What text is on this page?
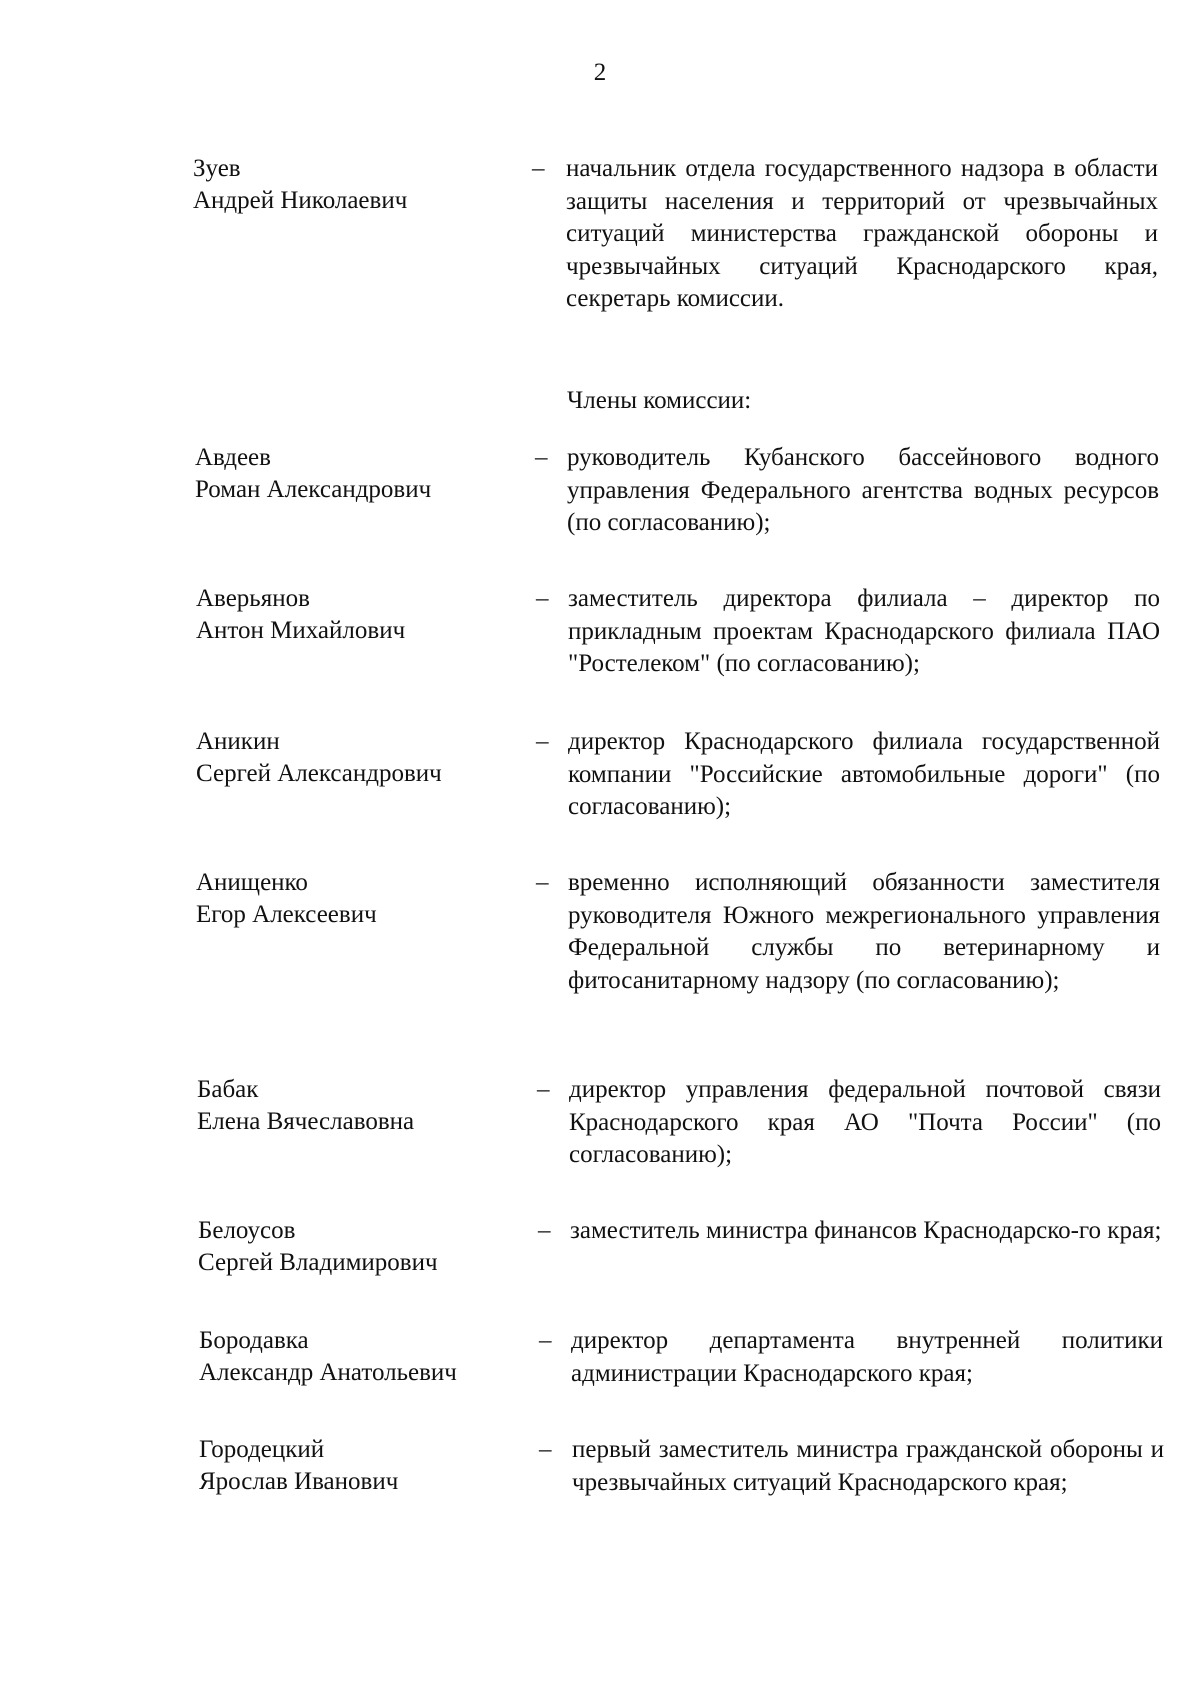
2
Зуев
Андрей Николаевич
– начальник отдела государственного надзора в области защиты населения и территорий от чрезвычайных ситуаций министерства гражданской обороны и чрезвычайных ситуаций Краснодарского края, секретарь комиссии.
Члены комиссии:
Авдеев
Роман Александрович
– руководитель Кубанского бассейнового водного управления Федерального агентства водных ресурсов (по согласованию);
Аверьянов
Антон Михайлович
– заместитель директора филиала – директор по прикладным проектам Краснодарского филиала ПАО "Ростелеком" (по согласованию);
Аникин
Сергей Александрович
– директор Краснодарского филиала государственной компании "Российские автомобильные дороги" (по согласованию);
Анищенко
Егор Алексеевич
– временно исполняющий обязанности заместителя руководителя Южного межрегионального управления Федеральной службы по ветеринарному и фитосанитарному надзору (по согласованию);
Бабак
Елена Вячеславовна
– директор управления федеральной почтовой связи Краснодарского края АО "Почта России" (по согласованию);
Белоусов
Сергей Владимирович
– заместитель министра финансов Краснодарско-го края;
Бородавка
Александр Анатольевич
– директор департамента внутренней политики администрации Краснодарского края;
Городецкий
Ярослав Иванович
– первый заместитель министра гражданской обороны и чрезвычайных ситуаций Краснодарского края;
